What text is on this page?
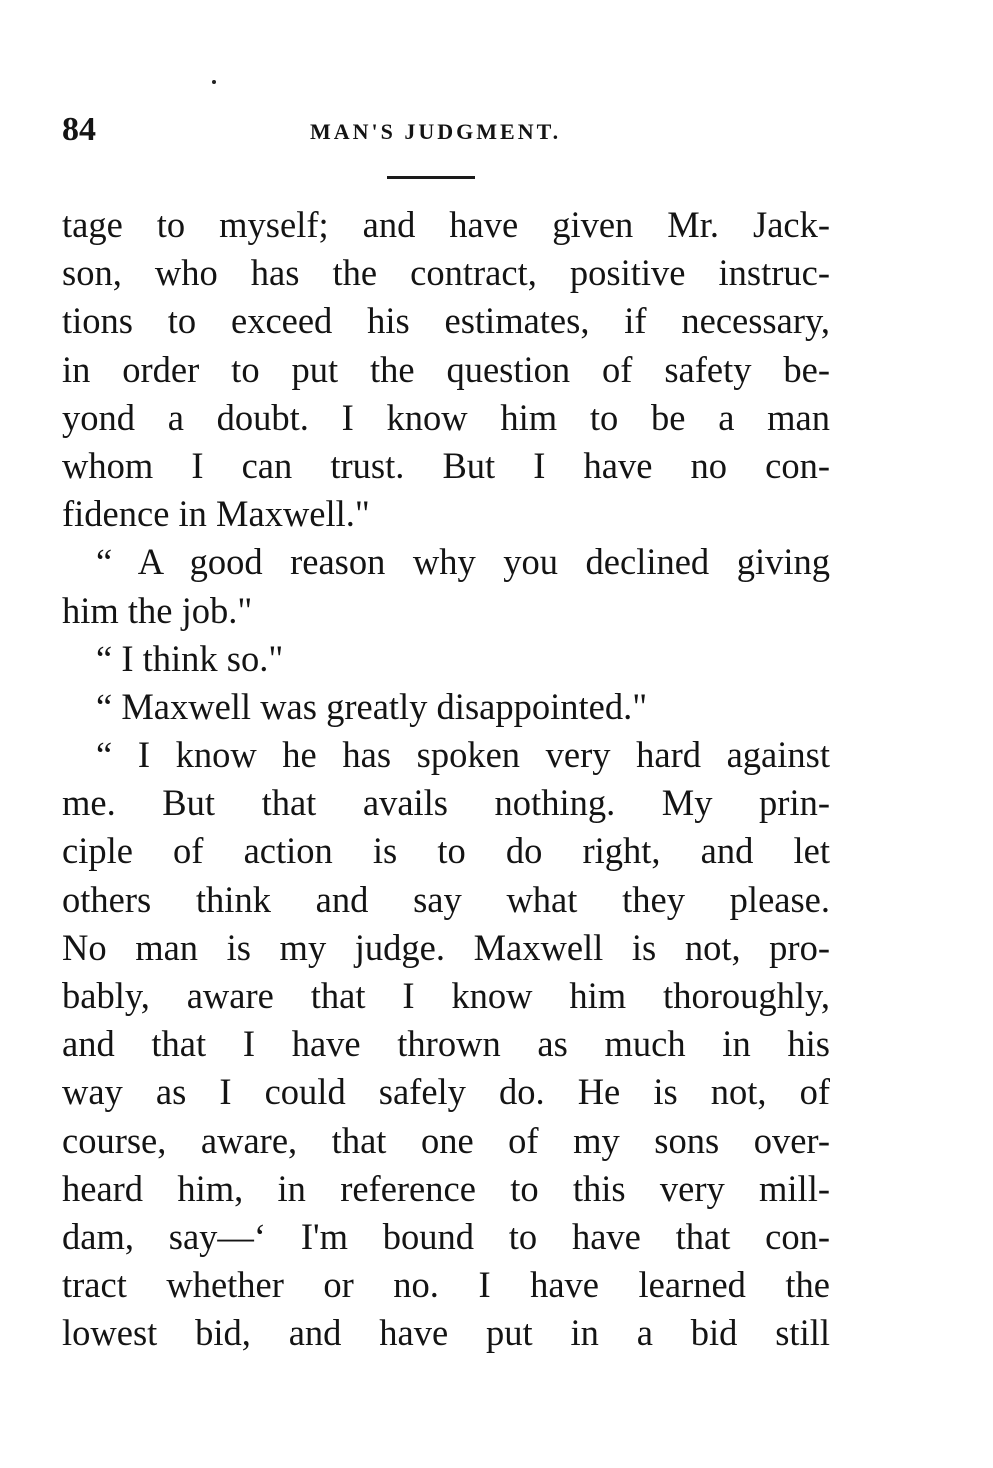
84	MAN'S JUDGMENT.
tage to myself; and have given Mr. Jack-
son, who has the contract, positive instruc-
tions to exceed his estimates, if necessary,
in order to put the question of safety be-
yond a doubt. I know him to be a man
whom I can trust. But I have no con-
fidence in Maxwell."
“ A good reason why you declined giving
him the job."
“ I think so."
“ Maxwell was greatly disappointed."
“ I know he has spoken very hard against
me. But that avails nothing. My prin-
ciple of action is to do right, and let
others think and say what they please.
No man is my judge. Maxwell is not, pro-
bably, aware that I know him thoroughly,
and that I have thrown as much in his
way as I could safely do. He is not, of
course, aware, that one of my sons over-
heard him, in reference to this very mill-
dam, say—‘ I'm bound to have that con-
tract whether or no. I have learned the
lowest bid, and have put in a bid still
